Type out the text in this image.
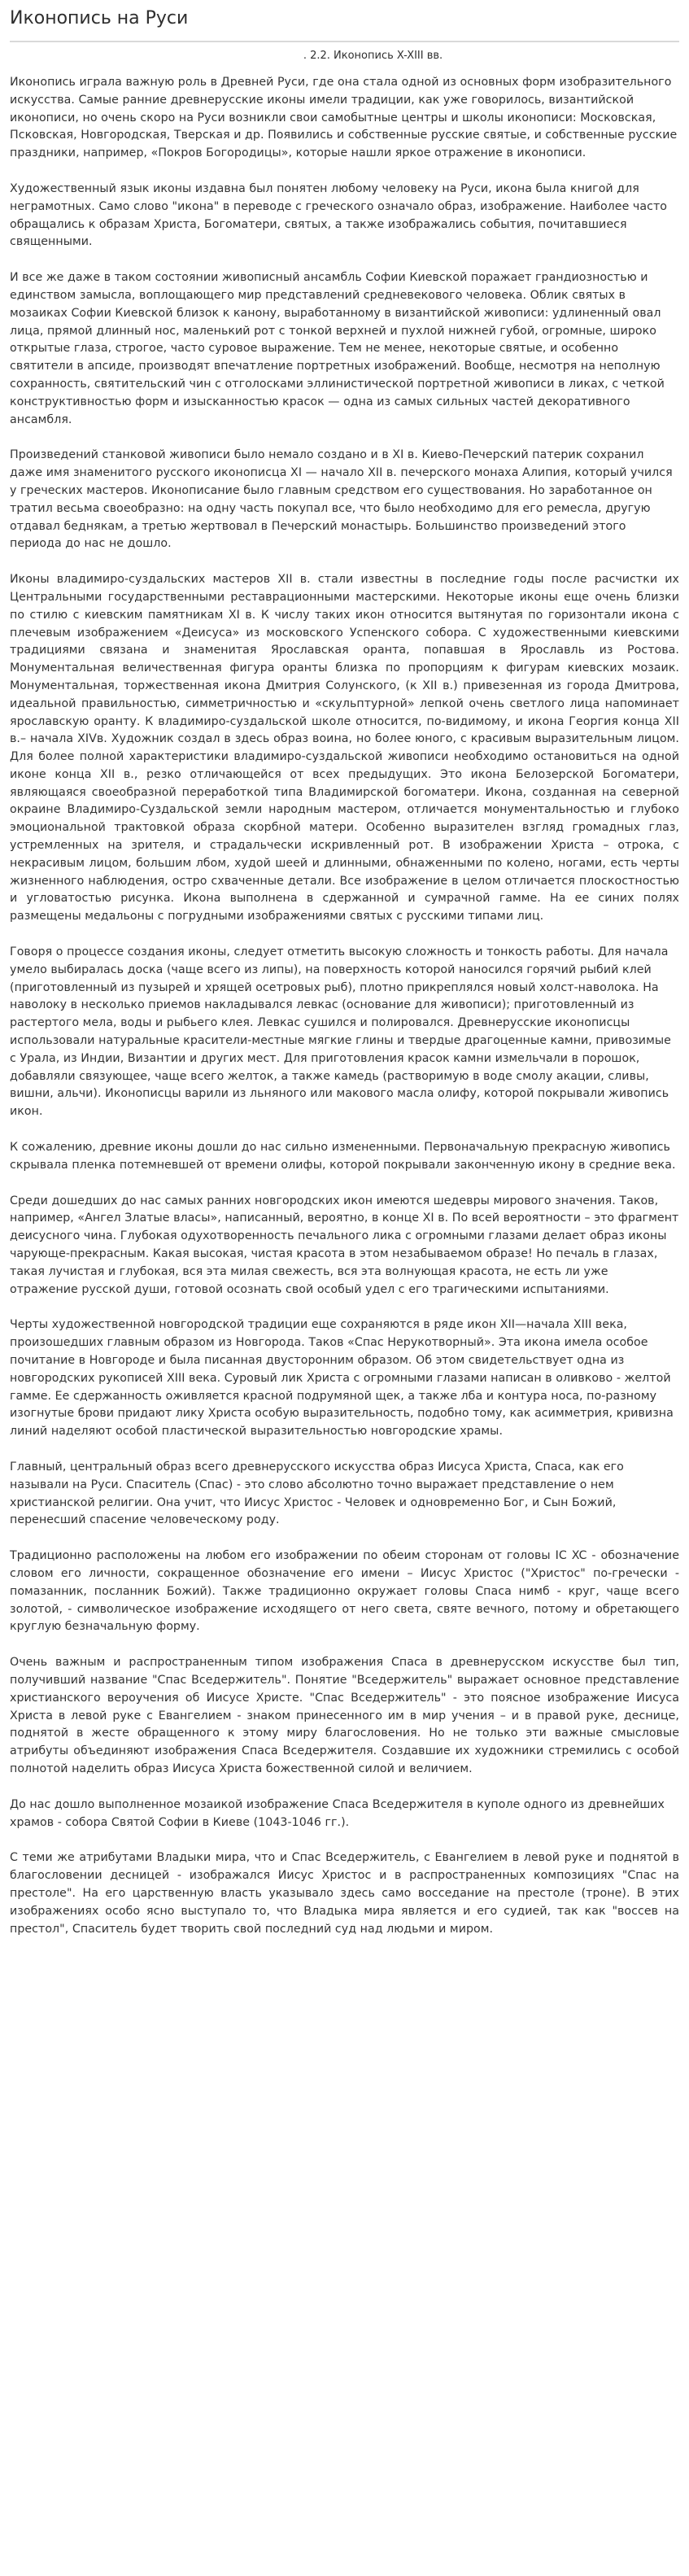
Иконопись на Руси
. 2.2. Иконопись X-XIII вв.

Иконопись играла важную роль в Древней Руси, где она стала одной из основных форм изобразительного искусства. Самые ранние древнерусские иконы имели традиции, как уже говорилось, византийской иконописи, но очень скоро на Руси возникли свои самобытные центры и школы иконописи: Московская, Псковская, Новгородская, Тверская и др. Появились и собственные русские святые, и собственные русские праздники, например, «Покров Богородицы», которые нашли яркое отражение в иконописи.

Художественный язык иконы издавна был понятен любому человеку на Руси, икона была книгой для неграмотных. Само слово "икона" в переводе с греческого означало образ, изображение. Наиболее часто обращались к образам Христа, Богоматери, святых, а также изображались события, почитавшиеся священными.

И все же даже в таком состоянии живописный ансамбль Софии Киевской поражает грандиозностью и единством замысла, воплощающего мир представлений средневекового человека. Облик святых в мозаиках Софии Киевской близок к канону, выработанному в византийской живописи: удлиненный овал лица, прямой длинный нос, маленький рот с тонкой верхней и пухлой нижней губой, огромные, широко открытые глаза, строгое, часто суровое выражение. Тем не менее, некоторые святые, и особенно святители в апсиде, производят впечатление портретных изображений. Вообще, несмотря на неполную сохранность, святительский чин с отголосками эллинистической портретной живописи в ликах, с четкой конструктивностью форм и изысканностью красок — одна из самых сильных частей декоративного ансамбля.

Произведений станковой живописи было немало создано и в XI в. Киево-Печерский патерик сохранил даже имя знаменитого русского иконописца XI — начало XII в. печерского монаха Алипия, который учился у греческих мастеров. Иконописание было главным средством его существования. Но заработанное он тратил весьма своеобразно: на одну часть покупал все, что было необходимо для его ремесла, другую отдавал беднякам, а третью жертвовал в Печерский монастырь. Большинство произведений этого периода до нас не дошло.

Иконы владимиро-суздальских мастеров XII в. стали известны в последние годы после расчистки их Центральными государственными реставрационными мастерскими. Некоторые иконы еще очень близки по стилю с киевским памятникам XI в. К числу таких икон относится вытянутая по горизонтали икона с плечевым изображением «Деисуса» из московского Успенского собора. С художественными киевскими традициями связана и знаменитая Ярославская оранта, попавшая в Ярославль из Ростова. Монументальная величественная фигура оранты близка по пропорциям к фигурам киевских мозаик. Монументальная, торжественная икона Дмитрия Солунского, (к XII в.) привезенная из города Дмитрова, идеальной правильностью, симметричностью и «скульптурной» лепкой очень светлого лица напоминает ярославскую оранту. К владимиро-суздальской школе относится, по-видимому, и икона Георгия конца XII в.– начала XIVв. Художник создал в здесь образ воина, но более юного, с красивым выразительным лицом. Для более полной характеристики владимиро-суздальской живописи необходимо остановиться на одной иконе конца XII в., резко отличающейся от всех предыдущих. Это икона Белозерской Богоматери, являющаяся своеобразной переработкой типа Владимирской богоматери. Икона, созданная на северной окраине Владимиро-Суздальской земли народным мастером, отличается монументальностью и глубоко эмоциональной трактовкой образа скорбной матери. Особенно выразителен взгляд громадных глаз, устремленных на зрителя, и страдальчески искривленный рот. В изображении Христа – отрока, с некрасивым лицом, большим лбом, худой шеей и длинными, обнаженными по колено, ногами, есть черты жизненного наблюдения, остро схваченные детали. Все изображение в целом отличается плоскостностью и угловатостью рисунка. Икона выполнена в сдержанной и сумрачной гамме. На ее синих полях размещены медальоны с погрудными изображениями святых с русскими типами лиц.

Говоря о процессе создания иконы, следует отметить высокую сложность и тонкость работы. Для начала умело выбиралась доска (чаще всего из липы), на поверхность которой наносился горячий рыбий клей (приготовленный из пузырей и хрящей осетровых рыб), плотно прикреплялся новый холст-наволока. На наволоку в несколько приемов накладывался левкас (основание для живописи); приготовленный из растертого мела, воды и рыбьего клея. Левкас сушился и полировался. Древнерусские иконописцы использовали натуральные красители-местные мягкие глины и твердые драгоценные камни, привозимые с Урала, из Индии, Византии и других мест. Для приготовления красок камни измельчали в порошок, добавляли связующее, чаще всего желток, а также камедь (растворимую в воде смолу акации, сливы, вишни, альчи). Иконописцы варили из льняного или макового масла олифу, которой покрывали живопись икон.

К сожалению, древние иконы дошли до нас сильно измененными. Первоначальную прекрасную живопись скрывала пленка потемневшей от времени олифы, которой покрывали законченную икону в средние века.

Среди дошедших до нас самых ранних новгородских икон имеются шедевры мирового значения. Таков, например, «Ангел Златые власы», написанный, вероятно, в конце XI в. По всей вероятности – это фрагмент деисусного чина. Глубокая одухотворенность печального лика с огромными глазами делает образ иконы чарующе-прекрасным. Какая высокая, чистая красота в этом незабываемом образе! Но печаль в глазах, такая лучистая и глубокая, вся эта милая свежесть, вся эта волнующая красота, не есть ли уже отражение русской души, готовой осознать свой особый удел с его трагическими испытаниями.

Черты художественной новгородской традиции еще сохраняются в ряде икон XII—начала XIII века, произошедших главным образом из Новгорода. Таков «Спас Нерукотворный». Эта икона имела особое почитание в Новгороде и была писанная двусторонним образом. Об этом свидетельствует одна из новгородских рукописей XIII века. Суровый лик Христа с огромными глазами написан в оливково - желтой гамме. Ее сдержанность оживляется красной подрумяной щек, а также лба и контура носа, по-разному изогнутые брови придают лику Христа особую выразительность, подобно тому, как асимметрия, кривизна линий наделяют особой пластической выразительностью новгородские храмы.

Главный, центральный образ всего древнерусского искусства образ Иисуса Христа, Спаса, как его называли на Руси. Спаситель (Спас) - это слово абсолютно точно выражает представление о нем христианской религии. Она учит, что Иисус Христос - Человек и одновременно Бог, и Сын Божий, перенесший спасение человеческому роду.

Традиционно расположены на любом его изображении по обеим сторонам от головы IC XC - обозначение словом его личности, сокращенное обозначение его имени – Иисус Христос ("Христос" по-гречески - помазанник, посланник Божий). Также традиционно окружает головы Спаса нимб - круг, чаще всего золотой, - символическое изображение исходящего от него света, святе вечного, потому и обретающего круглую безначальную форму.

Очень важным и распространенным типом изображения Спаса в древнерусском искусстве был тип, получивший название "Спас Вседержитель". Понятие "Вседержитель" выражает основное представление христианского вероучения об Иисусе Христе. "Спас Вседержитель" - это поясное изображение Иисуса Христа в левой руке с Евангелием - знаком принесенного им в мир учения – и в правой руке, деснице, поднятой в жесте обращенного к этому миру благословения. Но не только эти важные смысловые атрибуты объединяют изображения Спаса Вседержителя. Создавшие их художники стремились с особой полнотой наделить образ Иисуса Христа божественной силой и величием.

До нас дошло выполненное мозаикой изображение Спаса Вседержителя в куполе одного из древнейших храмов - собора Святой Софии в Киеве (1043-1046 гг.).

С теми же атрибутами Владыки мира, что и Спас Вседержитель, с Евангелием в левой руке и поднятой в благословении десницей - изображался Иисус Христос и в распространенных композициях "Спас на престоле". На его царственную власть указывало здесь само восседание на престоле (троне). В этих изображениях особо ясно выступало то, что Владыка мира является и его судией, так как "воссев на престол", Спаситель будет творить свой последний суд над людьми и миром.
